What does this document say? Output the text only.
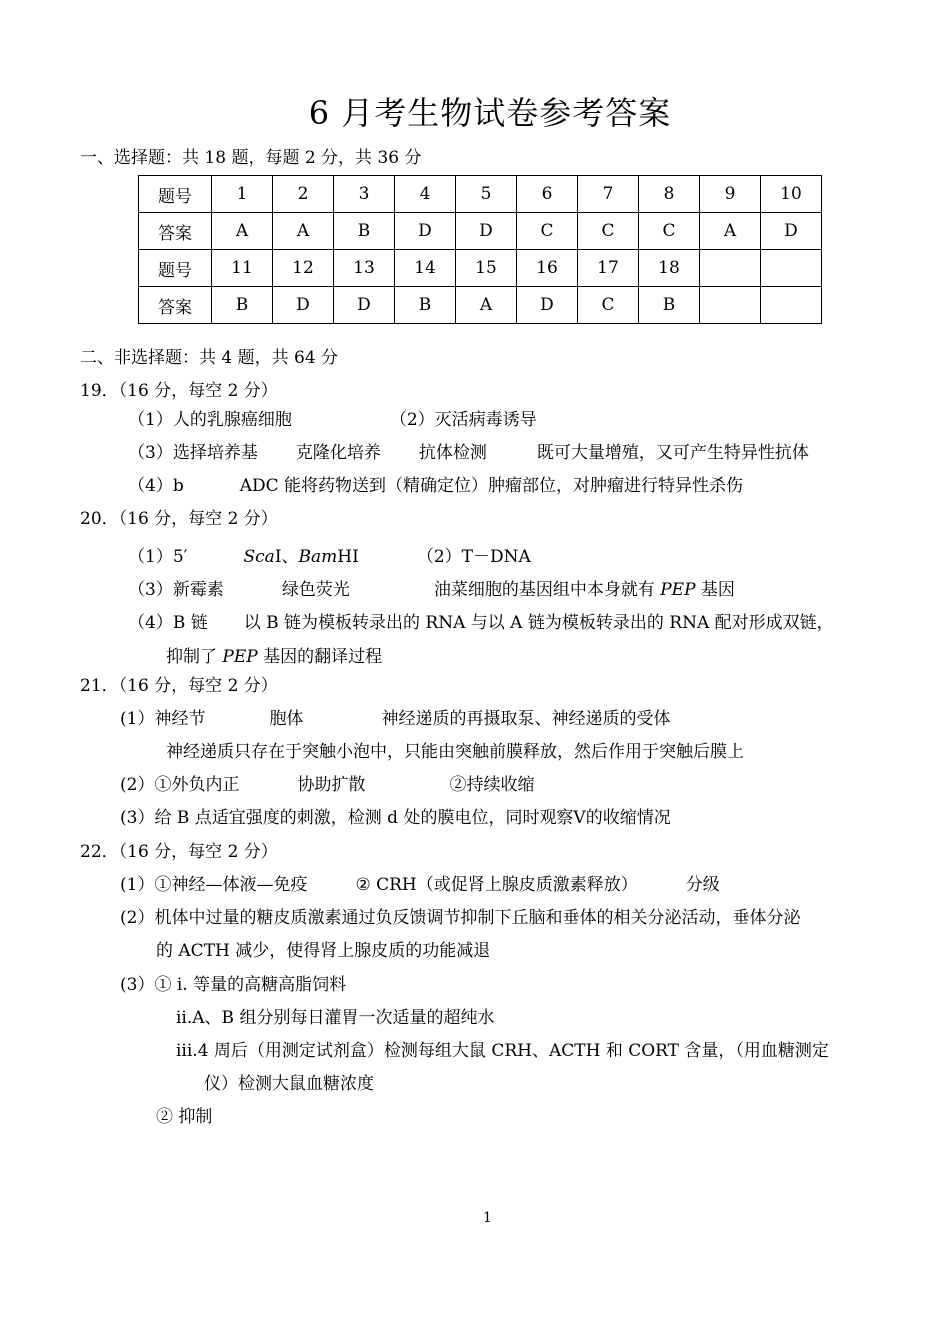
6 月考生物试卷参考答案
一、选择题：共 18 题，每题 2 分，共 36 分
题号	1	2	3	4	5	6	7	8	9	10
答案	A	A	B	D	D	C	C	C	A	D
题号	11	12	13	14	15	16	17	18		
答案	B	D	D	B	A	D	C	B		
二、非选择题：共 4 题，共 64 分
19．（16 分，每空 2 分）
（1）人的乳腺癌细胞	（2）灭活病毒诱导
（3）选择培养基 克隆化培养 抗体检测	既可大量增殖，又可产生特异性抗体
（4）b	ADC 能将药物送到（精确定位）肿瘤部位，对肿瘤进行特异性杀伤
20．（16 分，每空 2 分）
（1）5′	ScaⅠ、BamHⅠ	（2）T－DNA
（3）新霉素	绿色荧光	油菜细胞的基因组中本身就有 PEP 基因
（4）B 链 以 B 链为模板转录出的 RNA 与以 A 链为模板转录出的 RNA 配对形成双链，
抑制了 PEP 基因的翻译过程
21．（16 分，每空 2 分）
(1）神经节	胞体	神经递质的再摄取泵、神经递质的受体
神经递质只存在于突触小泡中，只能由突触前膜释放，然后作用于突触后膜上
(2）①外负内正	协助扩散	②持续收缩
(3）给 B 点适宜强度的刺激，检测 d 处的膜电位，同时观察Ⅴ的收缩情况
22．（16 分，每空 2 分）
(1）①神经—体液—免疫	② CRH（或促肾上腺皮质激素释放）	分级
(2）机体中过量的糖皮质激素通过负反馈调节抑制下丘脑和垂体的相关分泌活动，垂体分泌
的 ACTH 减少，使得肾上腺皮质的功能减退
(3）① i. 等量的高糖高脂饲料
ii.A、B 组分别每日灌胃一次适量的超纯水
iii.4 周后（用测定试剂盒）检测每组大鼠 CRH、ACTH 和 CORT 含量，（用血糖测定
仪）检测大鼠血糖浓度
② 抑制
1
